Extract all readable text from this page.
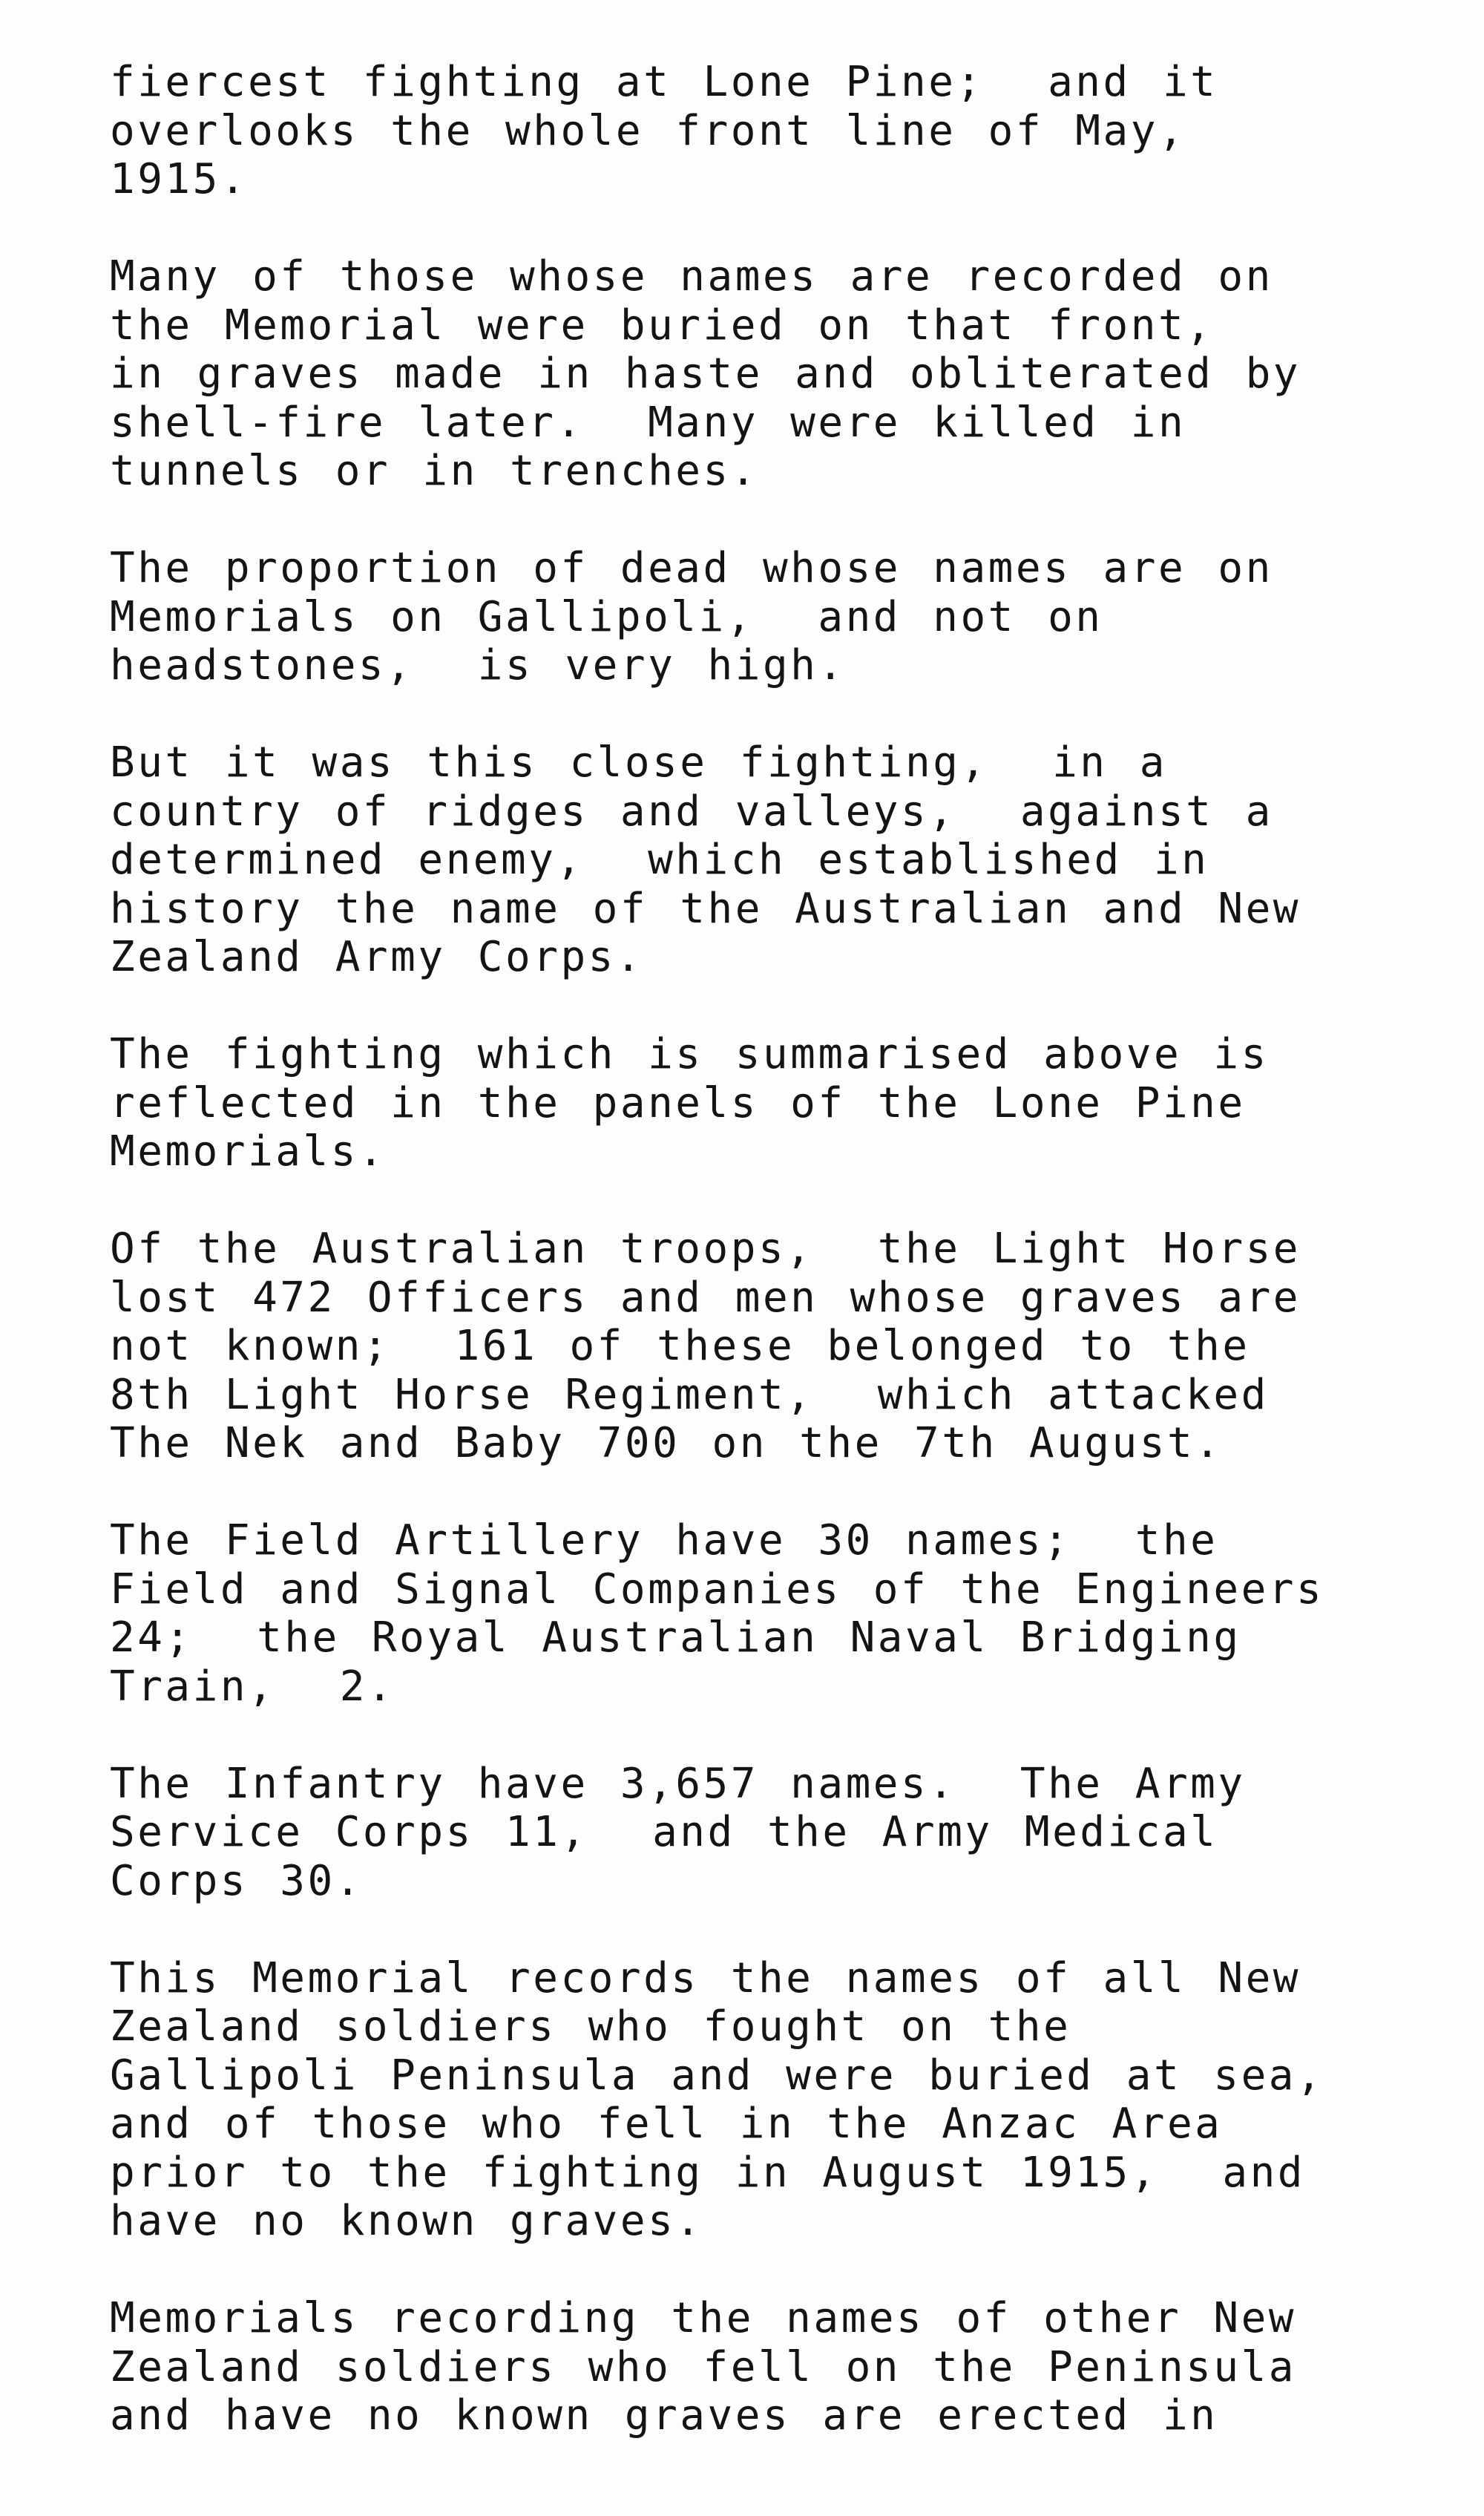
fiercest fighting at Lone Pine;  and it
overlooks the whole front line of May,
1915.

Many of those whose names are recorded on
the Memorial were buried on that front,
in graves made in haste and obliterated by
shell-fire later.  Many were killed in
tunnels or in trenches.

The proportion of dead whose names are on
Memorials on Gallipoli,  and not on
headstones,  is very high.

But it was this close fighting,  in a
country of ridges and valleys,  against a
determined enemy,  which established in
history the name of the Australian and New
Zealand Army Corps.

The fighting which is summarised above is
reflected in the panels of the Lone Pine
Memorials.

Of the Australian troops,  the Light Horse
lost 472 Officers and men whose graves are
not known;  161 of these belonged to the
8th Light Horse Regiment,  which attacked
The Nek and Baby 700 on the 7th August.

The Field Artillery have 30 names;  the
Field and Signal Companies of the Engineers
24;  the Royal Australian Naval Bridging
Train,  2.

The Infantry have 3,657 names.  The Army
Service Corps 11,  and the Army Medical
Corps 30.

This Memorial records the names of all New
Zealand soldiers who fought on the
Gallipoli Peninsula and were buried at sea,
and of those who fell in the Anzac Area
prior to the fighting in August 1915,  and
have no known graves.

Memorials recording the names of other New
Zealand soldiers who fell on the Peninsula
and have no known graves are erected in
